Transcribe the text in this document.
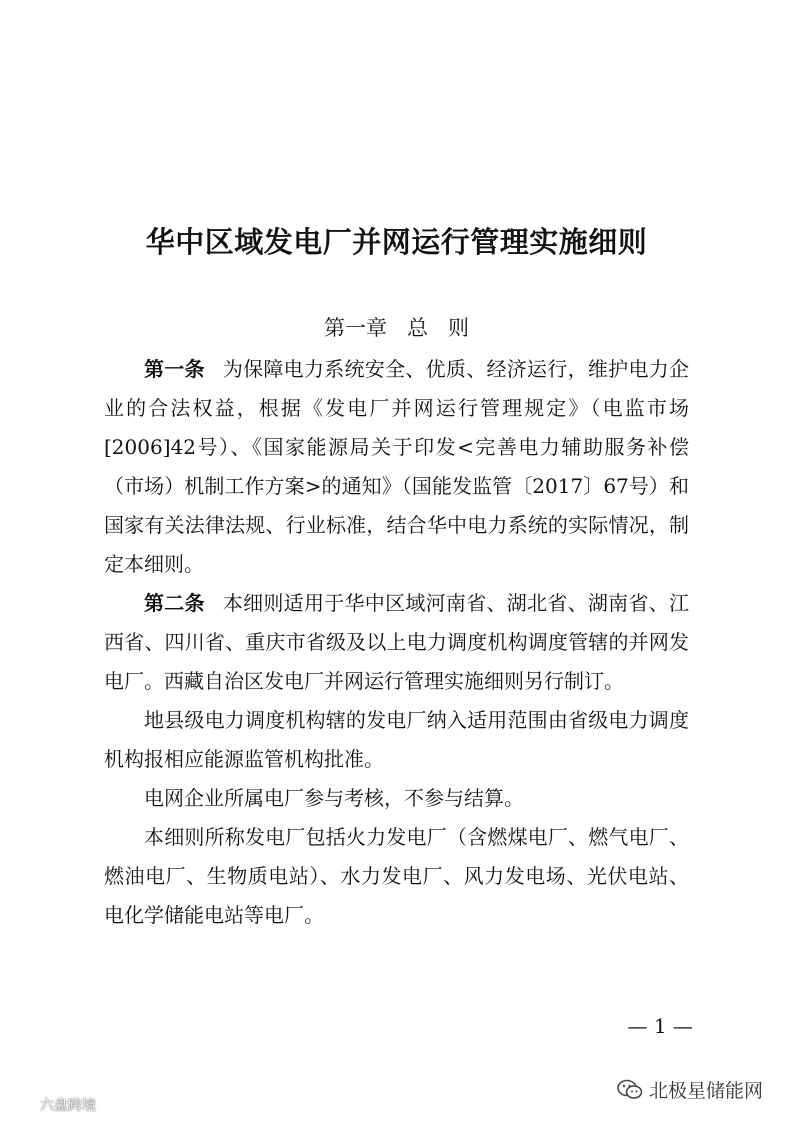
华中区域发电厂并网运行管理实施细则
第一章   总   则

第一条 为保障电力系统安全、优质、经济运行，维护电力企业的合法权益，根据《发电厂并网运行管理规定》（电监市场[2006]42号）、《国家能源局关于印发<完善电力辅助服务补偿（市场）机制工作方案>的通知》（国能发监管〔2017〕67号）和国家有关法律法规、行业标准，结合华中电力系统的实际情况，制定本细则。

第二条 本细则适用于华中区域河南省、湖北省、湖南省、江西省、四川省、重庆市省级及以上电力调度机构调度管辖的并网发电厂。西藏自治区发电厂并网运行管理实施细则另行制订。

地县级电力调度机构辖的发电厂纳入适用范围由省级电力调度机构报相应能源监管机构批准。

电网企业所属电厂参与考核，不参与结算。

本细则所称发电厂包括火力发电厂（含燃煤电厂、燃气电厂、燃油电厂、生物质电站）、水力发电厂、风力发电场、光伏电站、电化学储能电站等电厂。

— 1 —
六盘跨境
北极星储能网
